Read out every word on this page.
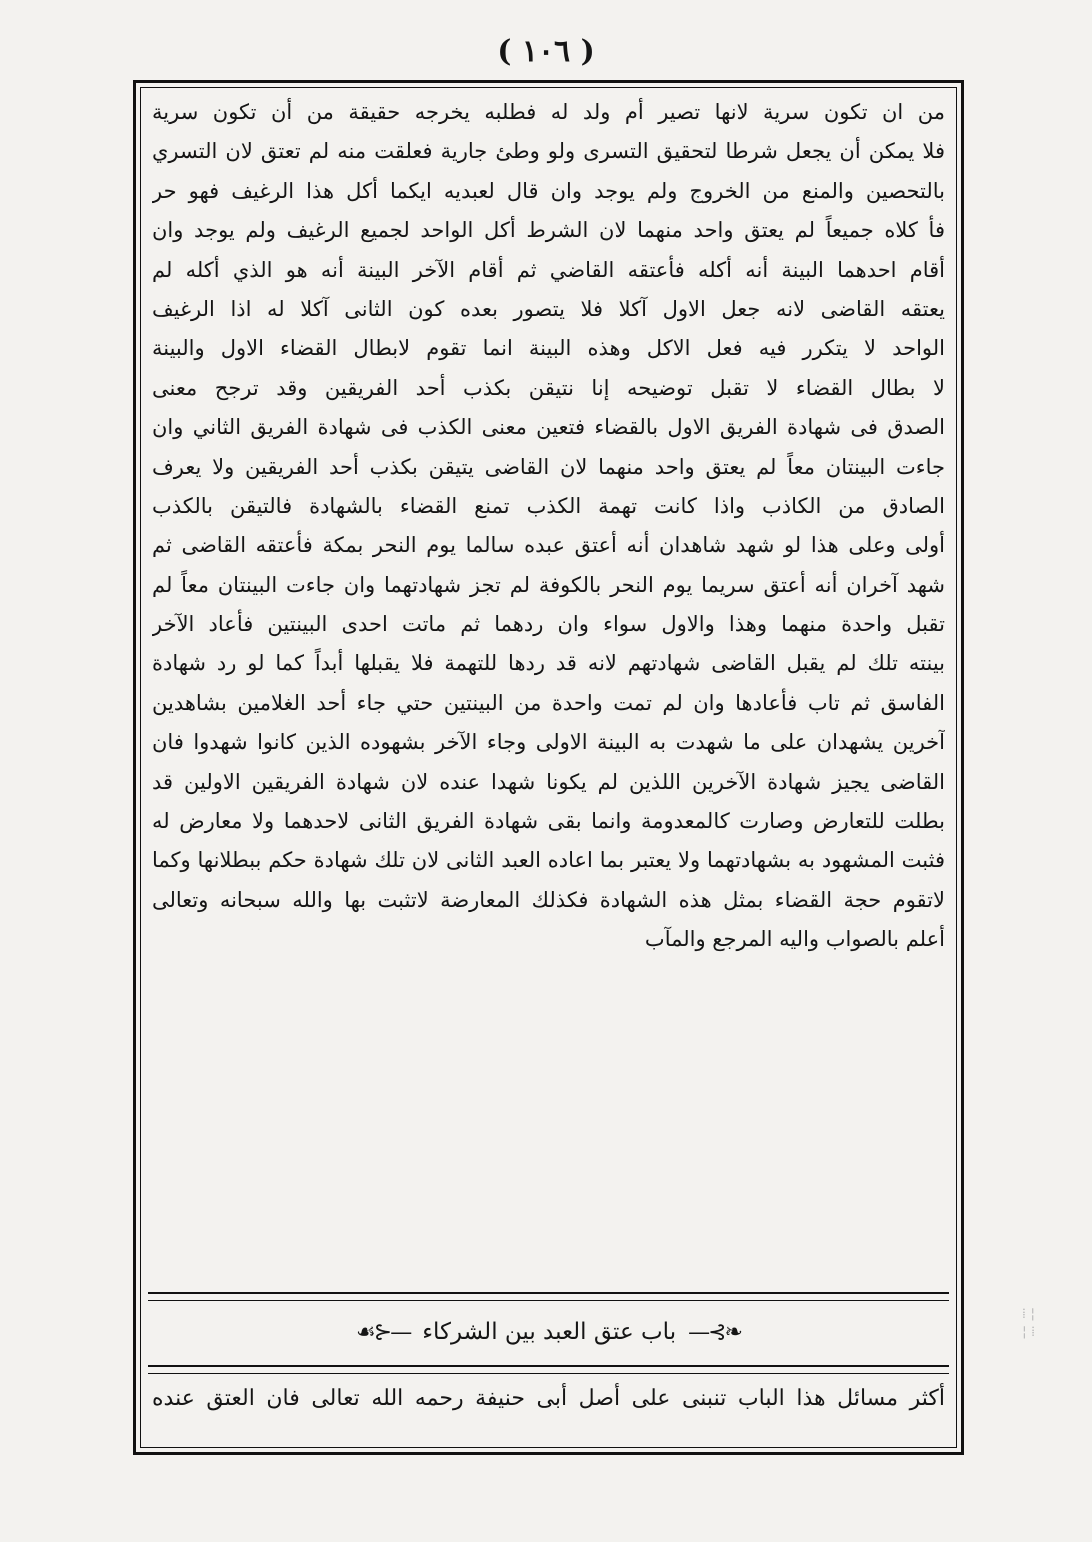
( ١٠٦ )
من ان تكون سرية لانها تصير أم ولد له فطلبه يخرجه حقيقة من أن تكون سرية
فلا يمكن أن يجعل شرطا لتحقيق التسرى ولو وطئ جارية فعلقت منه لم تعتق لان التسري
بالتحصين والمنع من الخروج ولم يوجد وان قال لعبديه ايكما أكل هذا الرغيف فهو حر
فأ كلاه جميعاً لم يعتق واحد منهما لان الشرط أكل الواحد لجميع الرغيف ولم يوجد وان
أقام احدهما البينة أنه أكله فأعتقه القاضي ثم أقام الآخر البينة أنه هو الذي أكله لم
يعتقه القاضى لانه جعل الاول آكلا فلا يتصور بعده كون الثانى آكلا له اذا الرغيف
الواحد لا يتكرر فيه فعل الاكل وهذه البينة انما تقوم لابطال القضاء الاول والبينة
لا بطال القضاء لا تقبل توضيحه إنا نتيقن بكذب أحد الفريقين وقد ترجح معنى
الصدق فى شهادة الفريق الاول بالقضاء فتعين معنى الكذب فى شهادة الفريق الثاني وان
جاءت البينتان معاً لم يعتق واحد منهما لان القاضى يتيقن بكذب أحد الفريقين ولا يعرف
الصادق من الكاذب واذا كانت تهمة الكذب تمنع القضاء بالشهادة فالتيقن بالكذب
أولى وعلى هذا لو شهد شاهدان أنه أعتق عبده سالما يوم النحر بمكة فأعتقه القاضى ثم
شهد آخران أنه أعتق سريما يوم النحر بالكوفة لم تجز شهادتهما وان جاءت البينتان معاً لم
تقبل واحدة منهما وهذا والاول سواء وان ردهما ثم ماتت احدى البينتين فأعاد الآخر
بينته تلك لم يقبل القاضى شهادتهم لانه قد ردها للتهمة فلا يقبلها أبداً كما لو رد شهادة
الفاسق ثم تاب فأعادها وان لم تمت واحدة من البينتين حتي جاء أحد الغلامين بشاهدين
آخرين يشهدان على ما شهدت به البينة الاولى وجاء الآخر بشهوده الذين كانوا شهدوا فان
القاضى يجيز شهادة الآخرين اللذين لم يكونا شهدا عنده لان شهادة الفريقين الاولين قد
بطلت للتعارض وصارت كالمعدومة وانما بقى شهادة الفريق الثانى لاحدهما ولا معارض له
فثبت المشهود به بشهادتهما ولا يعتبر بما اعاده العبد الثانى لان تلك شهادة حكم ببطلانها وكما
لاتقوم حجة القضاء بمثل هذه الشهادة فكذلك المعارضة لاتثبت بها والله سبحانه وتعالى
أعلم بالصواب واليه المرجع والمآب
❧⊱—
باب عتق العبد بين الشركاء
—⊰☙
أكثر مسائل هذا الباب تنبنى على أصل أبى حنيفة رحمه الله تعالى فان العتق عنده
⁞ ¦
¦ ⁞
